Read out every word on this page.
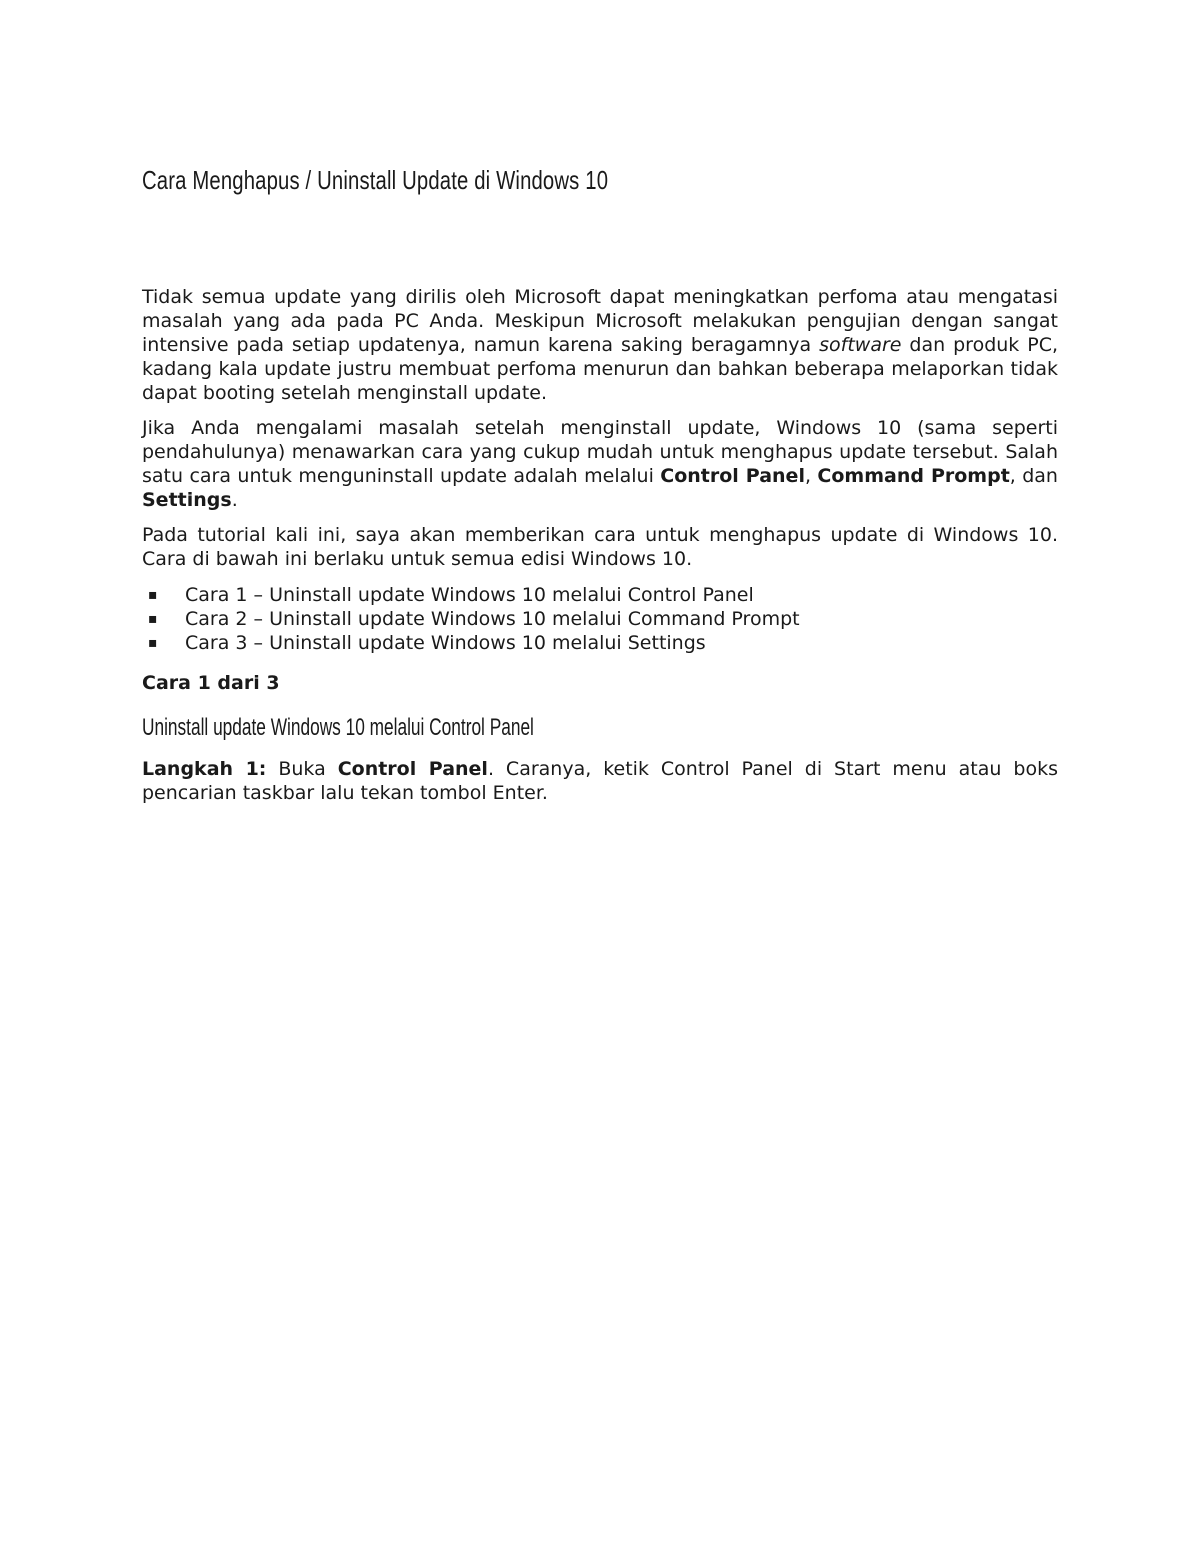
Cara Menghapus / Uninstall Update di Windows 10

Tidak semua update yang dirilis oleh Microsoft dapat meningkatkan perfoma atau mengatasi masalah yang ada pada PC Anda. Meskipun Microsoft melakukan pengujian dengan sangat intensive pada setiap updatenya, namun karena saking beragamnya software dan produk PC, kadang kala update justru membuat perfoma menurun dan bahkan beberapa melaporkan tidak dapat booting setelah menginstall update.

Jika Anda mengalami masalah setelah menginstall update, Windows 10 (sama seperti pendahulunya) menawarkan cara yang cukup mudah untuk menghapus update tersebut. Salah satu cara untuk menguninstall update adalah melalui Control Panel, Command Prompt, dan Settings.

Pada tutorial kali ini, saya akan memberikan cara untuk menghapus update di Windows 10. Cara di bawah ini berlaku untuk semua edisi Windows 10.

▪ Cara 1 – Uninstall update Windows 10 melalui Control Panel
▪ Cara 2 – Uninstall update Windows 10 melalui Command Prompt
▪ Cara 3 – Uninstall update Windows 10 melalui Settings

Cara 1 dari 3

Uninstall update Windows 10 melalui Control Panel

Langkah 1: Buka Control Panel. Caranya, ketik Control Panel di Start menu atau boks pencarian taskbar lalu tekan tombol Enter.
